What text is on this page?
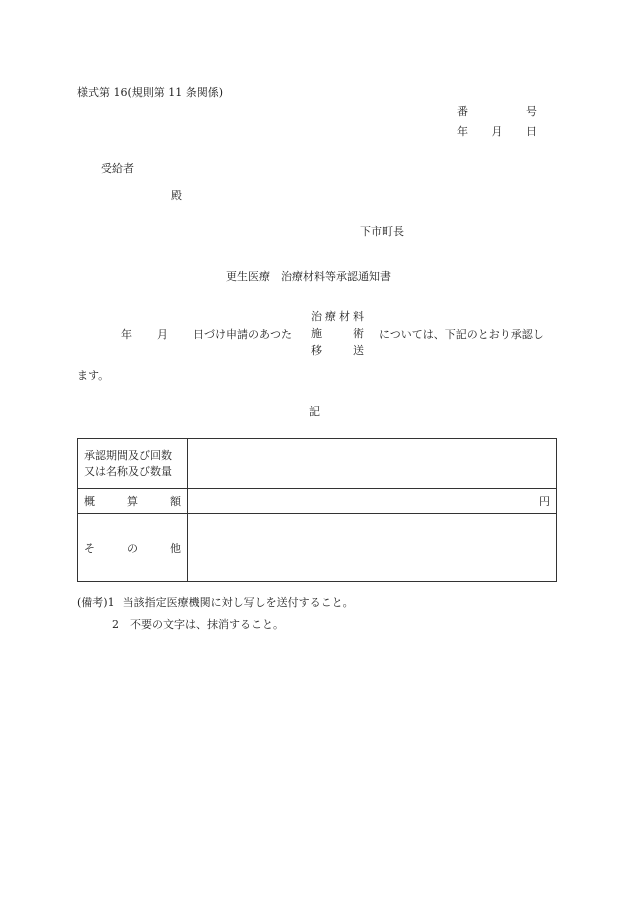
様式第 16(規則第 11 条関係)
番	号
年 月 日
受給者
殿
下市町長
更生医療　治療材料等承認通知書
年 月 日づけ申請のあつた
治 療 材 料
施	術
移	送
については、下記のとおり承認し
ます。
記
承認期間及び回数
又は名称及び数量	

概 算 額	円

そ の 他	

(備考)1 当該指定医療機関に対し写しを送付すること。
2 不要の文字は、抹消すること。
